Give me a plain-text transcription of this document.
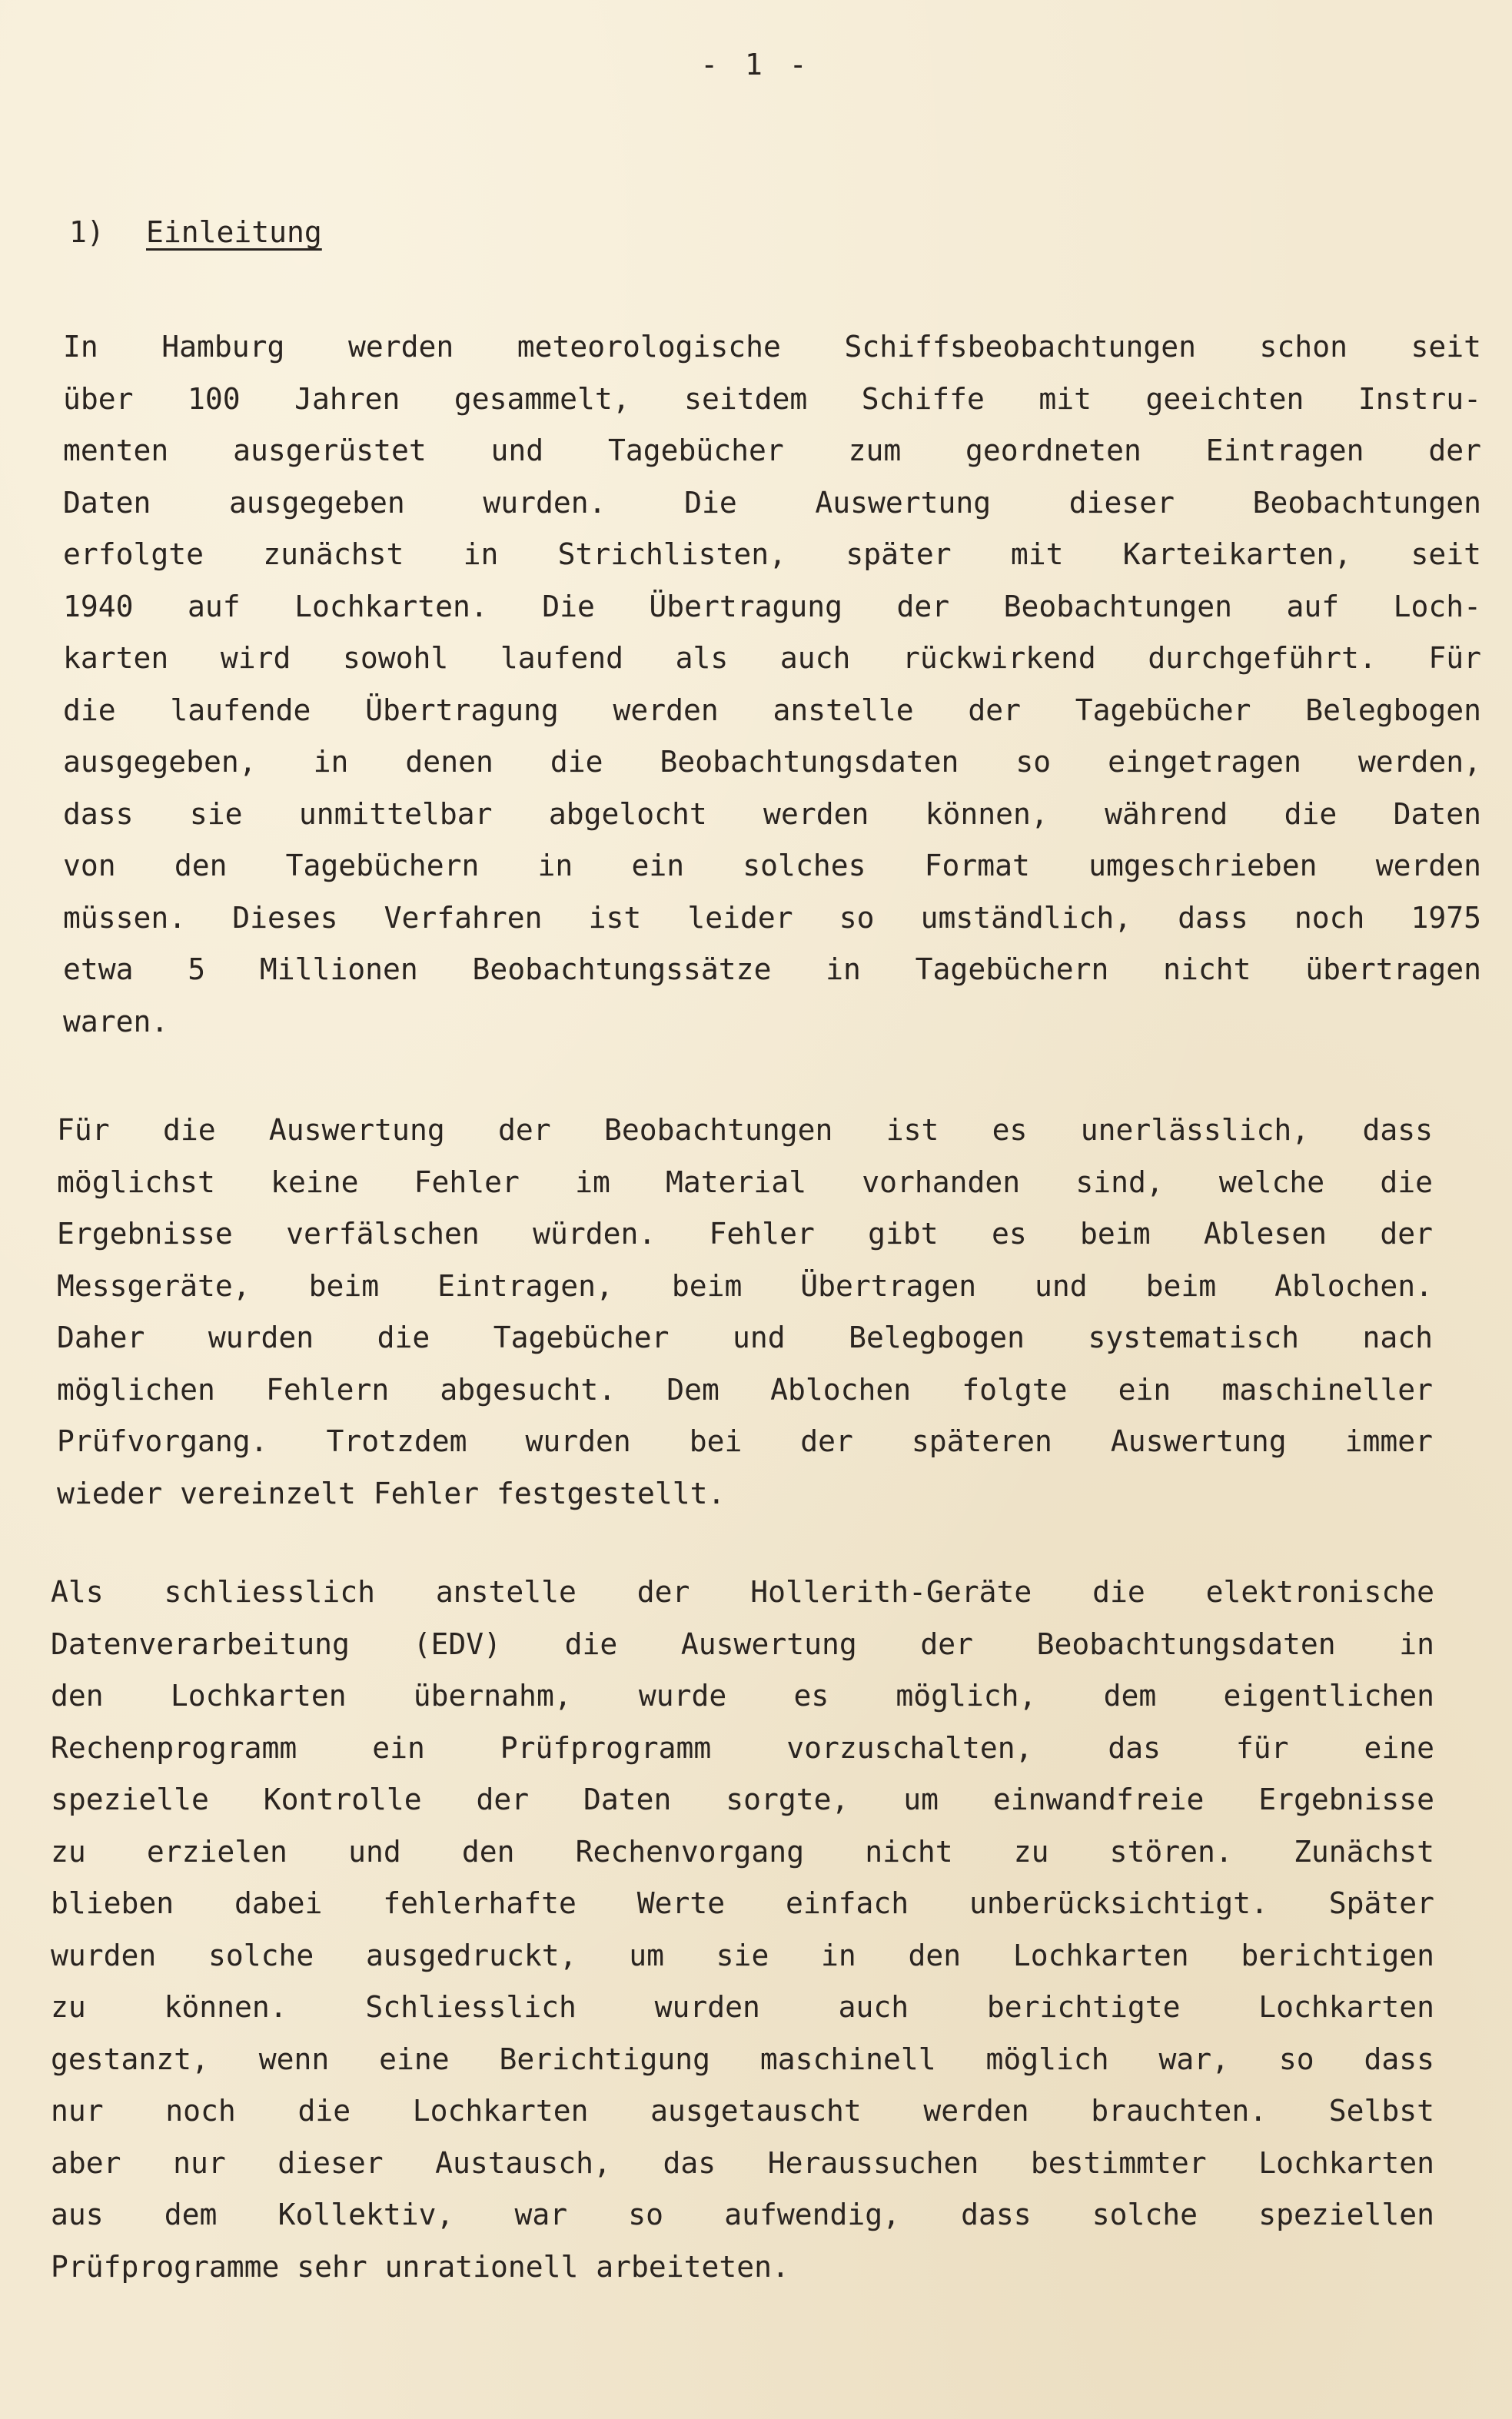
- 1 -
1) Einleitung
In Hamburg werden meteorologische Schiffsbeobachtungen schon seit
über 100 Jahren gesammelt, seitdem Schiffe mit geeichten Instru-
menten ausgerüstet und Tagebücher zum geordneten Eintragen der
Daten ausgegeben wurden. Die Auswertung dieser Beobachtungen
erfolgte zunächst in Strichlisten, später mit Karteikarten, seit
1940 auf Lochkarten. Die Übertragung der Beobachtungen auf Loch-
karten wird sowohl laufend als auch rückwirkend durchgeführt. Für
die laufende Übertragung werden anstelle der Tagebücher Belegbogen
ausgegeben, in denen die Beobachtungsdaten so eingetragen werden,
dass sie unmittelbar abgelocht werden können, während die Daten
von den Tagebüchern in ein solches Format umgeschrieben werden
müssen. Dieses Verfahren ist leider so umständlich, dass noch 1975
etwa 5 Millionen Beobachtungssätze in Tagebüchern nicht übertragen
waren.
Für die Auswertung der Beobachtungen ist es unerlässlich, dass
möglichst keine Fehler im Material vorhanden sind, welche die
Ergebnisse verfälschen würden. Fehler gibt es beim Ablesen der
Messgeräte, beim Eintragen, beim Übertragen und beim Ablochen.
Daher wurden die Tagebücher und Belegbogen systematisch nach
möglichen Fehlern abgesucht. Dem Ablochen folgte ein maschineller
Prüfvorgang. Trotzdem wurden bei der späteren Auswertung immer
wieder vereinzelt Fehler festgestellt.
Als schliesslich anstelle der Hollerith-Geräte die elektronische
Datenverarbeitung (EDV) die Auswertung der Beobachtungsdaten in
den Lochkarten übernahm, wurde es möglich, dem eigentlichen
Rechenprogramm ein Prüfprogramm vorzuschalten, das für eine
spezielle Kontrolle der Daten sorgte, um einwandfreie Ergebnisse
zu erzielen und den Rechenvorgang nicht zu stören. Zunächst
blieben dabei fehlerhafte Werte einfach unberücksichtigt. Später
wurden solche ausgedruckt, um sie in den Lochkarten berichtigen
zu können. Schliesslich wurden auch berichtigte Lochkarten
gestanzt, wenn eine Berichtigung maschinell möglich war, so dass
nur noch die Lochkarten ausgetauscht werden brauchten. Selbst
aber nur dieser Austausch, das Heraussuchen bestimmter Lochkarten
aus dem Kollektiv, war so aufwendig, dass solche speziellen
Prüfprogramme sehr unrationell arbeiteten.
